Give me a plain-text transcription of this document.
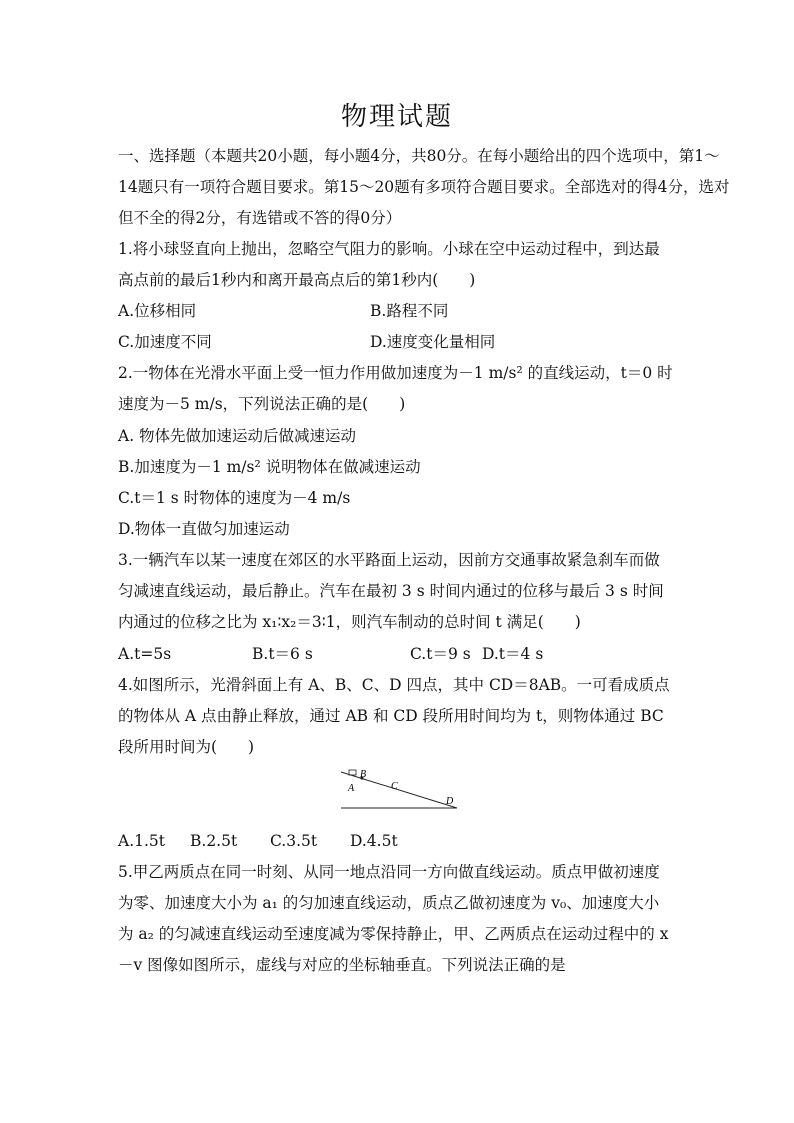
物理试题
一、选择题（本题共20小题，每小题4分，共80分。在每小题给出的四个选项中，第1～
14题只有一项符合题目要求。第15～20题有多项符合题目要求。全部选对的得4分，选对
但不全的得2分，有选错或不答的得0分）
1.将小球竖直向上抛出，忽略空气阻力的影响。小球在空中运动过程中，到达最
高点前的最后1秒内和离开最高点后的第1秒内(　　)
A.位移相同	B.路程不同
C.加速度不同	D.速度变化量相同
2.一物体在光滑水平面上受一恒力作用做加速度为－1 m/s² 的直线运动，t＝0 时
速度为－5 m/s，下列说法正确的是(　　)
A. 物体先做加速运动后做减速运动
B.加速度为－1 m/s² 说明物体在做减速运动
C.t＝1 s 时物体的速度为－4 m/s
D.物体一直做匀加速运动
3.一辆汽车以某一速度在郊区的水平路面上运动，因前方交通事故紧急刹车而做
匀减速直线运动，最后静止。汽车在最初 3 s 时间内通过的位移与最后 3 s 时间
内通过的位移之比为 x₁∶x₂＝3∶1，则汽车制动的总时间 t 满足(　　)
A.t=5s	B.t＝6 s	C.t＝9 s D.t＝4 s
4.如图所示，光滑斜面上有 A、B、C、D 四点，其中 CD＝8AB。一可看成质点
的物体从 A 点由静止释放，通过 AB 和 CD 段所用时间均为 t，则物体通过 BC
段所用时间为(　　)
A
B
C
D
A.1.5t B.2.5t C.3.5t D.4.5t
5.甲乙两质点在同一时刻、从同一地点沿同一方向做直线运动。质点甲做初速度
为零、加速度大小为 a₁ 的匀加速直线运动，质点乙做初速度为 v₀、加速度大小
为 a₂ 的匀减速直线运动至速度减为零保持静止，甲、乙两质点在运动过程中的 x
－v 图像如图所示，虚线与对应的坐标轴垂直。下列说法正确的是
